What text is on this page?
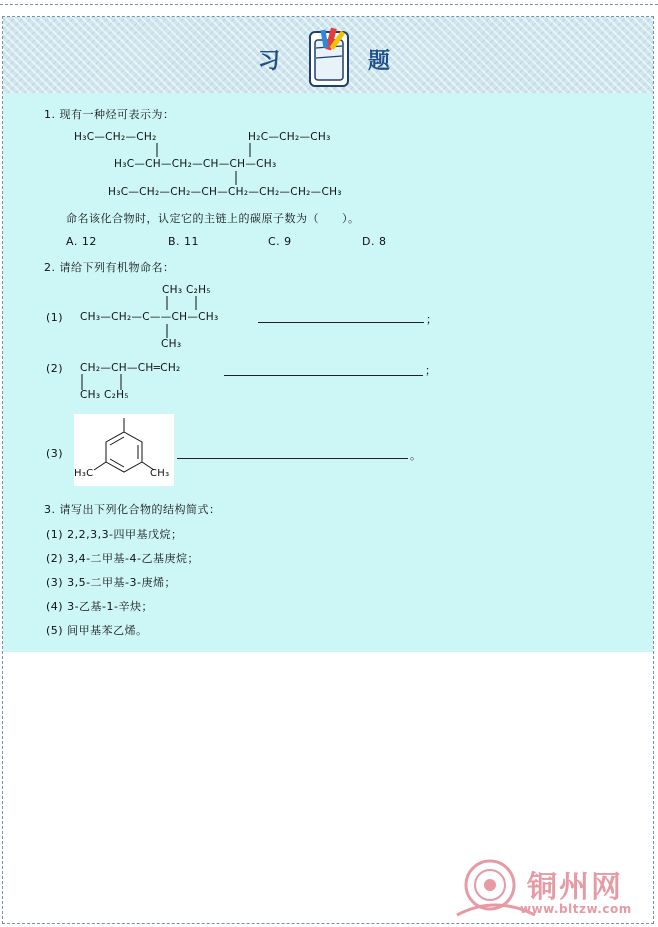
习	题
1. 现有一种烃可表示为：
H₃C—CH₂—CH₂	H₂C—CH₂—CH₃
H₃C—CH—CH₂—CH—CH—CH₃
H₃C—CH₂—CH₂—CH—CH₂—CH₂—CH₂—CH₃
命名该化合物时，认定它的主链上的碳原子数为（　　）。
A. 12	B. 11	C. 9	D. 8
2. 请给下列有机物命名：
(1)
CH₃ C₂H₅
CH₃—CH₂—C——CH—CH₃	；
CH₃
(2) CH₂—CH—CH═CH₂	；
CH₃ C₂H₅
(3)
H₃C	CH₃
。
3. 请写出下列化合物的结构简式：
(1) 2,2,3,3-四甲基戊烷；
(2) 3,4-二甲基-4-乙基庚烷；
(3) 3,5-二甲基-3-庚烯；
(4) 3-乙基-1-辛炔；
(5) 间甲基苯乙烯。
铜州网
www.bltzw.com
